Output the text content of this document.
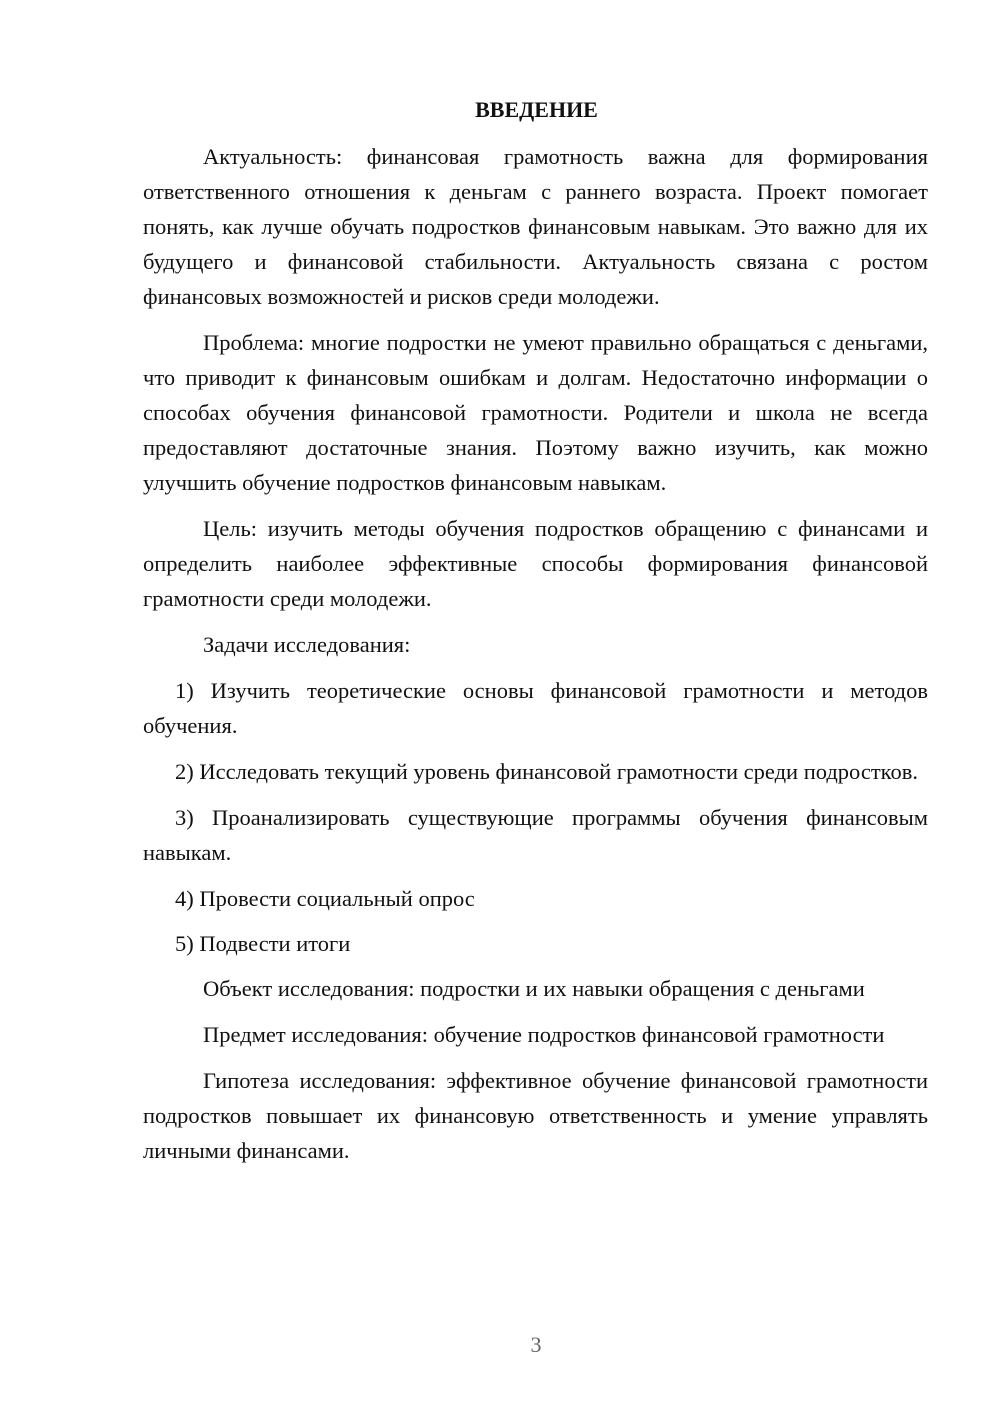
ВВЕДЕНИЕ

Актуальность: финансовая грамотность важна для формирования ответственного отношения к деньгам с раннего возраста. Проект помогает понять, как лучше обучать подростков финансовым навыкам. Это важно для их будущего и финансовой стабильности. Актуальность связана с ростом финансовых возможностей и рисков среди молодежи.

Проблема: многие подростки не умеют правильно обращаться с деньгами, что приводит к финансовым ошибкам и долгам. Недостаточно информации о способах обучения финансовой грамотности. Родители и школа не всегда предоставляют достаточные знания. Поэтому важно изучить, как можно улучшить обучение подростков финансовым навыкам.

Цель: изучить методы обучения подростков обращению с финансами и определить наиболее эффективные способы формирования финансовой грамотности среди молодежи.

Задачи исследования:

1) Изучить теоретические основы финансовой грамотности и методов обучения.

2) Исследовать текущий уровень финансовой грамотности среди подростков.

3) Проанализировать существующие программы обучения финансовым навыкам.

4) Провести социальный опрос

5) Подвести итоги

Объект исследования: подростки и их навыки обращения с деньгами

Предмет исследования: обучение подростков финансовой грамотности

Гипотеза исследования: эффективное обучение финансовой грамотности подростков повышает их финансовую ответственность и умение управлять личными финансами.

3
